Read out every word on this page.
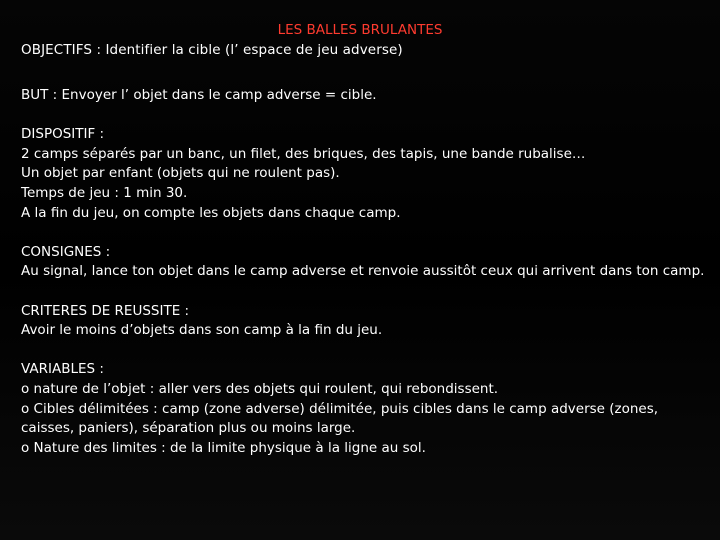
LES BALLES BRULANTES
OBJECTIFS : Identifier la cible (l’ espace de jeu adverse)
BUT : Envoyer l’ objet dans le camp adverse = cible.
DISPOSITIF :
2 camps séparés par un banc, un filet, des briques, des tapis, une bande rubalise…
Un objet par enfant (objets qui ne roulent pas).
Temps de jeu : 1 min 30.
A la fin du jeu, on compte les objets dans chaque camp.
CONSIGNES :
Au signal, lance ton objet dans le camp adverse et renvoie aussitôt ceux qui arrivent dans ton camp.
CRITERES DE REUSSITE :
Avoir le moins d’objets dans son camp à la fin du jeu.
VARIABLES :
o nature de l’objet : aller vers des objets qui roulent, qui rebondissent.
o Cibles délimitées : camp (zone adverse) délimitée, puis cibles dans le camp adverse (zones, caisses, paniers), séparation plus ou moins large.
o Nature des limites : de la limite physique à la ligne au sol.
